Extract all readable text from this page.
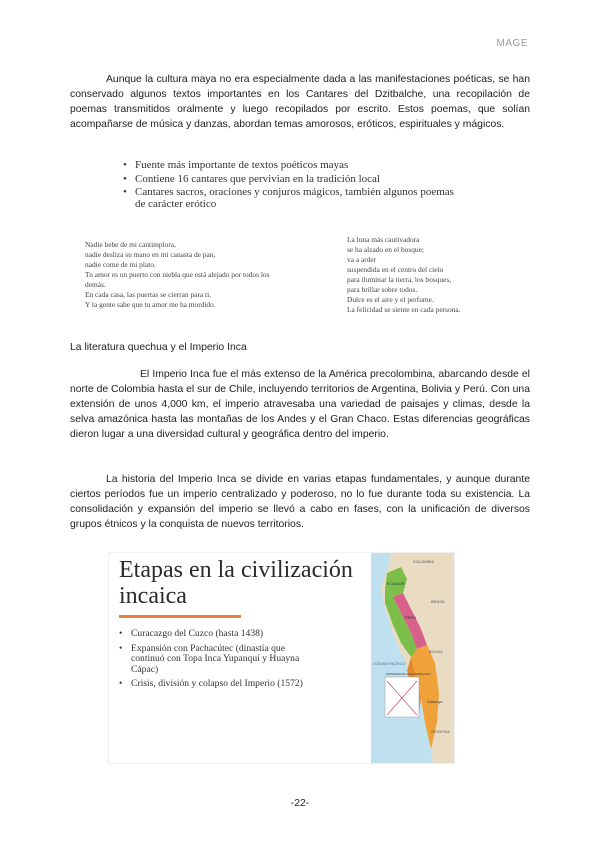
MAGE

Aunque la cultura maya no era especialmente dada a las manifestaciones poéticas, se han conservado algunos textos importantes en los Cantares del Dzitbalche, una recopilación de poemas transmitidos oralmente y luego recopilados por escrito. Estos poemas, que solían acompañarse de música y danzas, abordan temas amorosos, eróticos, espirituales y mágicos.

• Fuente más importante de textos poéticos mayas
• Contiene 16 cantares que pervivian en la tradición local
• Cantares sacros, oraciones y conjuros mágicos, también algunos poemas de carácter erótico
Nadie bebe de mi cantimplora,
nadie desliza su mano en mi canasta de pan,
nadie come de mi plato.
Tu amor es un puerto con niebla que está alejado por todos los
demás.
En cada casa, las puertas se cierran para ti.
Y la gente sabe que tu amor me ha mordido.
La luna más cautivadora
se ha alzado en el bosque;
va a arder
suspendida en el centro del cielo
para iluminar la tierra, los bosques,
para brillar sobre todos.
Dulce es el aire y el perfume.
La felicidad se siente en cada persona.
La literatura quechua y el Imperio Inca

El Imperio Inca fue el más extenso de la América precolombina, abarcando desde el norte de Colombia hasta el sur de Chile, incluyendo territorios de Argentina, Bolivia y Perú. Con una extensión de unos 4,000 km, el imperio atravesaba una variedad de paisajes y climas, desde la selva amazónica hasta las montañas de los Andes y el Gran Chaco. Estas diferencias geográficas dieron lugar a una diversidad cultural y geográfica dentro del imperio.

La historia del Imperio Inca se divide en varias etapas fundamentales, y aunque durante ciertos períodos fue un imperio centralizado y poderoso, no lo fue durante toda su existencia. La consolidación y expansión del imperio se llevó a cabo en fases, con la unificación de diversos grupos étnicos y la conquista de nuevos territorios.

Etapas en la civilización incaica
• Curacazgo del Cuzco (hasta 1438)
• Expansión con Pachacútec (dinastía que continuó con Topa Inca Yupanquí y Huayna Cápac)
• Crisis, división y colapso del Imperio (1572)
COLOMBIA
ECUADOR
PERÚ
BRASIL
BOLIVIA
OCÉANO PACÍFICO
DIVISIONES DE LA ECONOMÍA INCA
Collasuyo
ARGENTINA
-22-
